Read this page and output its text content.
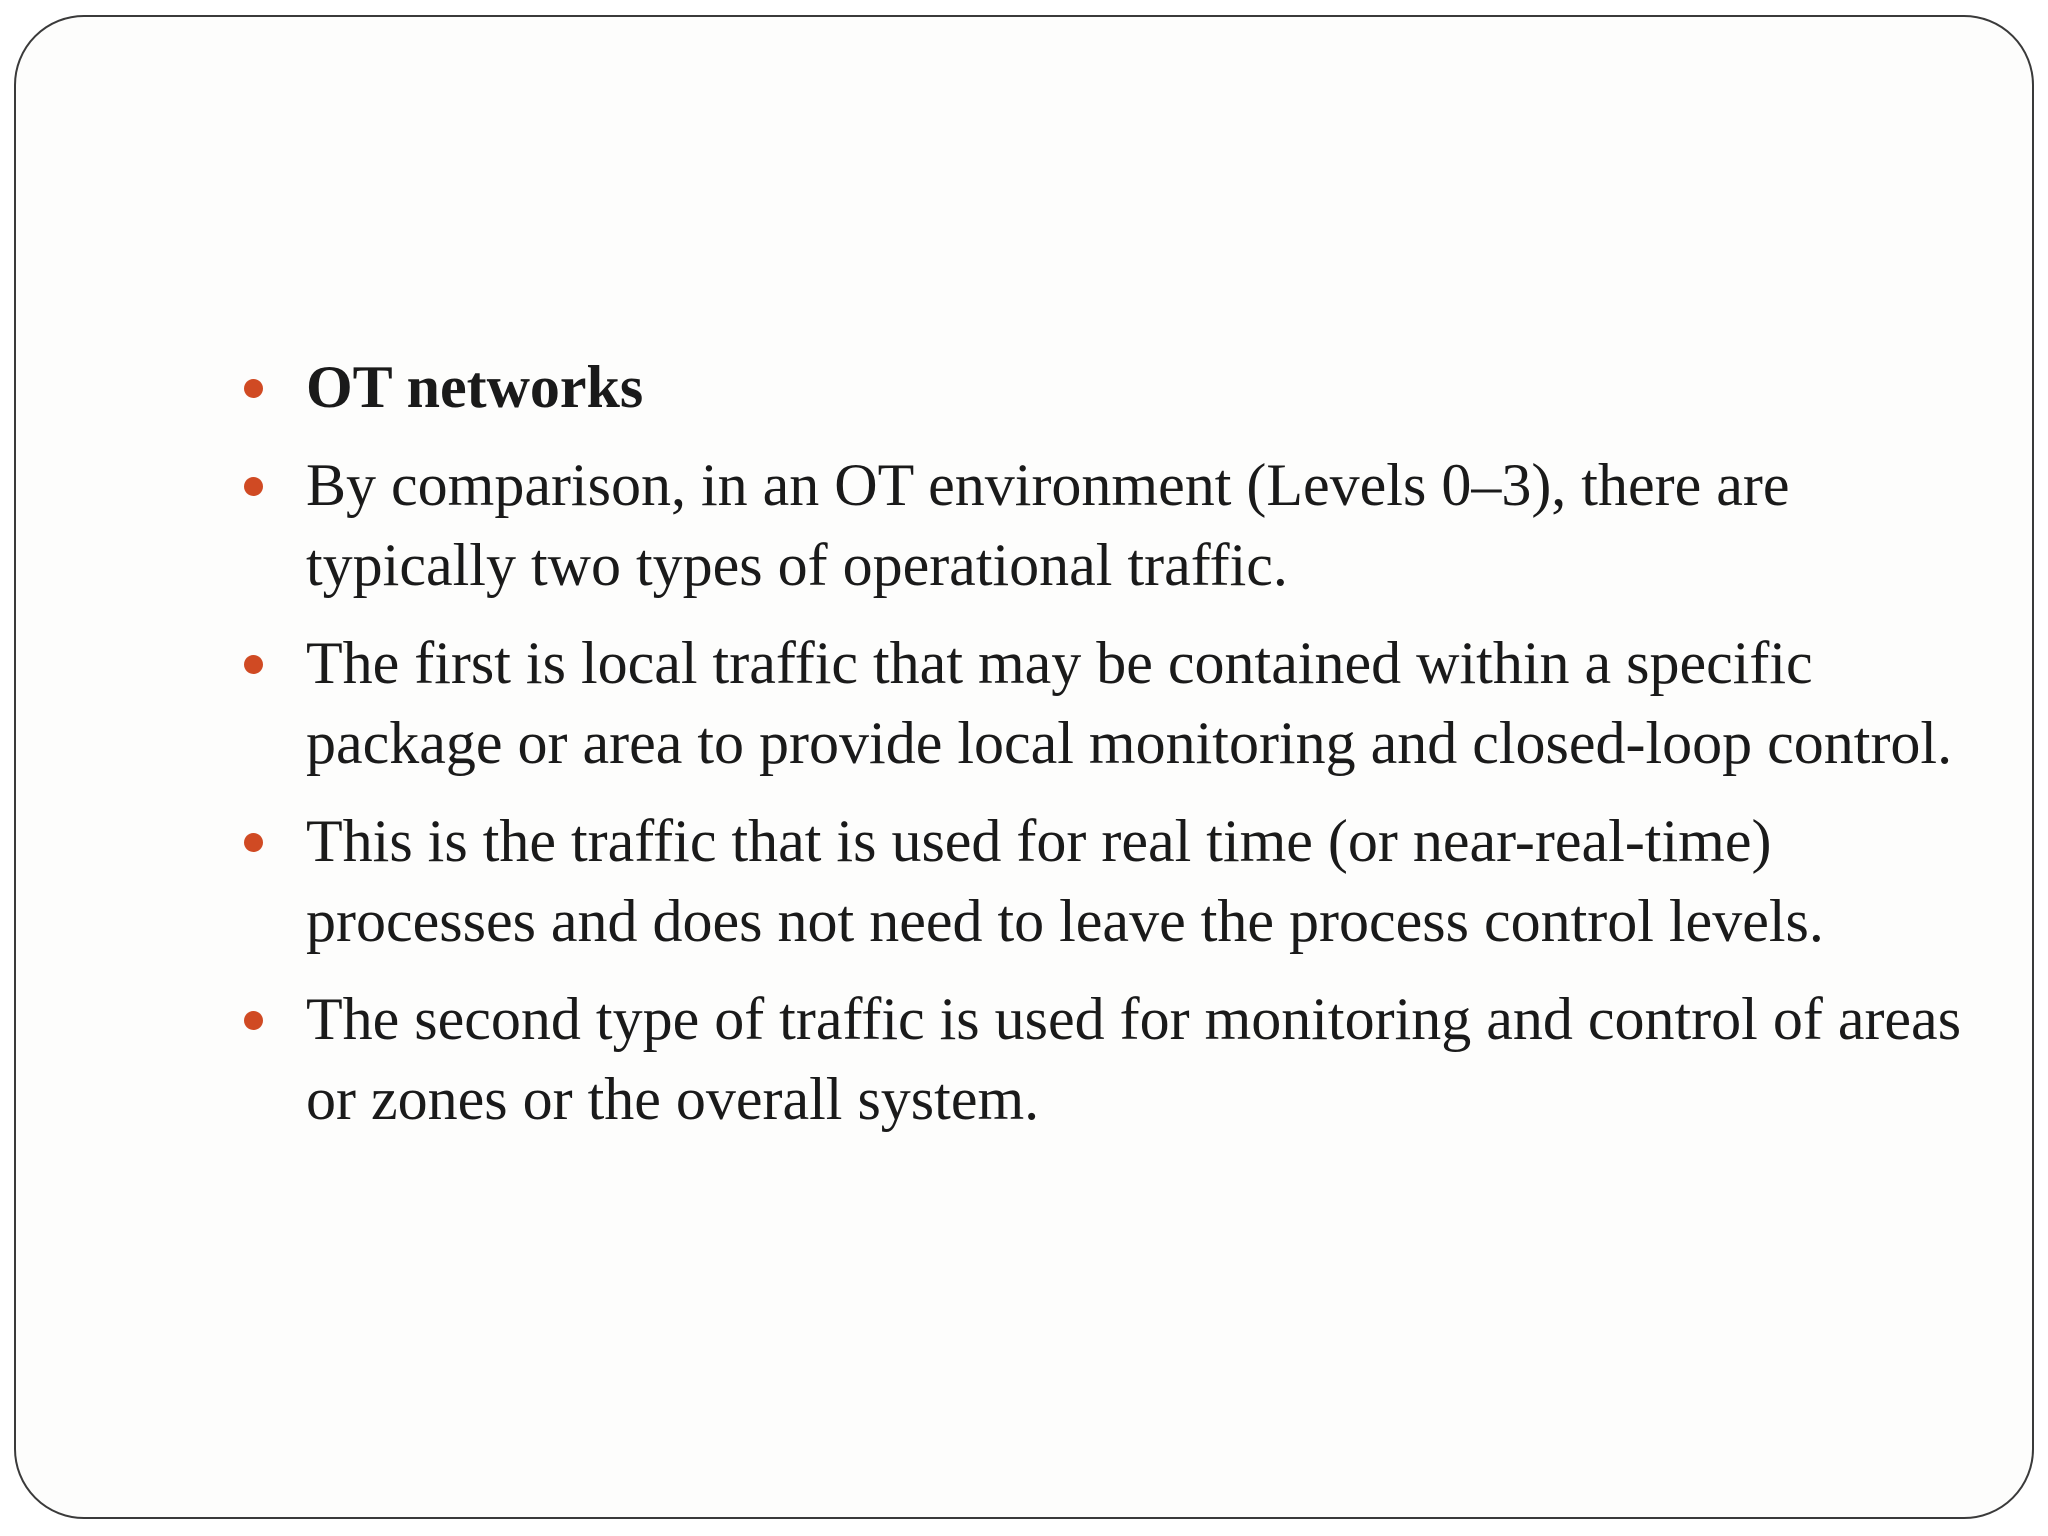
OT networks
By comparison, in an OT environment (Levels 0–3), there are typically two types of operational traffic.
The first is local traffic that may be contained within a specific package or area to provide local monitoring and closed-loop control.
This is the traffic that is used for real time (or near-real-time) processes and does not need to leave the process control levels.
The second type of traffic is used for monitoring and control of areas or zones or the overall system.
